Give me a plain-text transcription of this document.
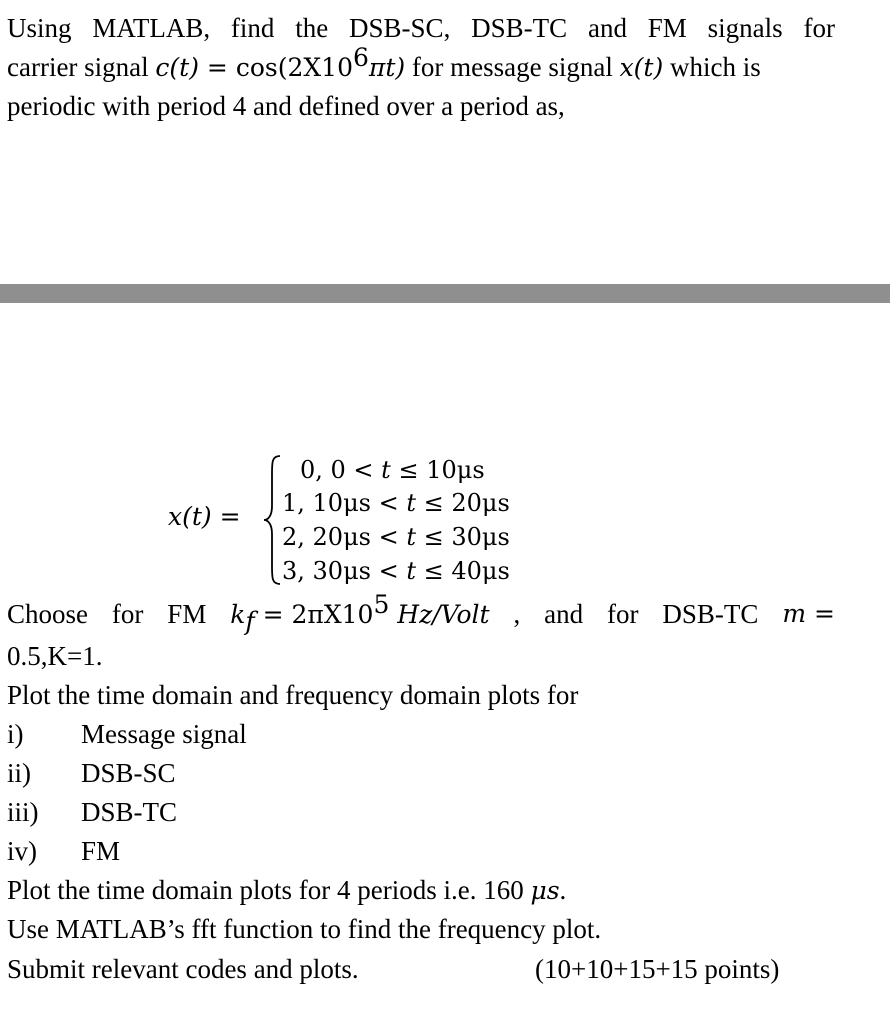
Using MATLAB, find the DSB-SC, DSB-TC and FM signals for
carrier signal $c(t) = \cos(2X10^6\pi t)$ for message signal x(t) which is
periodic with period 4 and defined over a period as,
x(t) =
0, 0 < t ≤ 10μs
1, 10μs < t ≤ 20μs
2, 20μs < t ≤ 30μs
3, 30μs < t ≤ 40μs
Choose for FM $k_f = 2\pi X10^5$ Hz/Volt , and for DSB-TC m =
0.5,K=1.
Plot the time domain and frequency domain plots for
i) Message signal
ii) DSB-SC
iii) DSB-TC
iv) FM
Plot the time domain plots for 4 periods i.e. 160 μs.
Use MATLAB’s fft function to find the frequency plot.
Submit relevant codes and plots.	(10+10+15+15 points)
